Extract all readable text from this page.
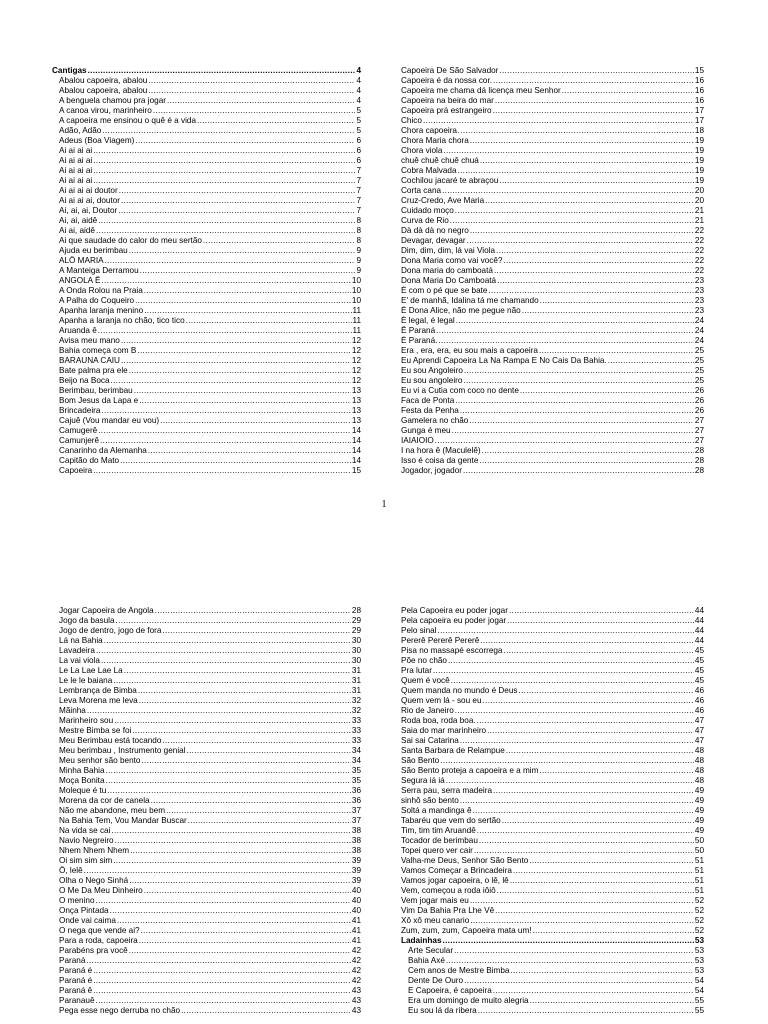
Cantigas .....	4
Abalou capoeira, abalou .....	4
Abalou capoeira, abalou .....	4
A benguela chamou pra jogar .....	4
A canoa virou, marinheiro .....	5
A capoeira me ensinou o quê é a vida .....	5
Adão, Adão .....	5
Adeus (Boa Viagem) .....	6
Ai ai ai ai .....	6
Ai ai ai ai .....	6
Ai ai ai ai .....	7
Ai ai ai ai .....	7
Ai ai ai ai doutor .....	7
Ai ai ai ai, doutor .....	7
Ai, ai, ai, Doutor .....	7
Ai, ai, aidê .....	8
Ai ai, aidê .....	8
Ai que saudade do calor do meu sertão .....	8
Ajuda eu berimbau .....	9
ALÔ MARIA .....	9
A Manteiga Derramou .....	9
ANGOLA Ê .....	10
A Onda Rolou na Praia .....	10
A Palha do Coqueiro .....	10
Apanha laranja menino .....	11
Apanha a laranja no chão, tico tico .....	11
Aruandа ê .....	11
Avisa meu mano .....	12
Bahia começa com B .....	12
BARAUNA CAIU .....	12
Bate palma pra ele .....	12
Beijo na Boca .....	12
Berimbau, berimbau .....	13
Bom Jesus da Lapa e .....	13
Brincadeira .....	13
Cajuê (Vou mandar eu vou) .....	13
Camugerê .....	14
Camunjerê .....	14
Canarinho da Alemanha .....	14
Capitão do Mato .....	14
Capoeira .....	15
Capoeira De São Salvador .....	15
Capoeira é da nossa cor. .....	16
Capoeira me chama dá licença meu Senhor .....	16
Capoeira na beira do mar .....	16
Capoeira prá estrangeiro .....	17
Chico .....	17
Chora capoeira. .....	18
Chora Maria chora .....	19
Chora viola .....	19
chuê chuê chuê chuá .....	19
Cobra Malvada .....	19
Cochilou jacaré te abraçou .....	19
Corta cana .....	20
Cruz-Credo, Ave Maria .....	20
Cuidado moço .....	21
Curva de Rio .....	21
Dà dà dà no negro .....	22
Devagar, devagar .....	22
Dim, dim, dim, lá vai Viola .....	22
Dona Maria como vai você? .....	22
Dona maria do camboatá .....	22
Dona Maria Do Camboatá .....	23
É com o pé que se bate .....	23
E' de manhã, Idalina tá me chamando .....	23
É Dona Alice, não me pegue não .....	23
É legal, é legal .....	24
Ê Paraná .....	24
É Paraná. .....	24
Era , era, era, eu sou mais a capoeira .....	25
Eu Aprendi Capoeira La Na Rampa E No Cais Da Bahia. .....	25
Eu sou Angoleiro .....	25
Eu sou angoleiro .....	25
Eu vi a Cutia com coco no dente .....	26
Faca de Ponta .....	26
Festa da Penha .....	26
Gamelera no chão .....	27
Gunga é meu .....	27
IAIAIOIO .....	27
I na hora ê (Maculelê) .....	28
Isso é coisa da gente .....	28
Jogador, jogador .....	28
1
Jogar Capoeira de Angola .....	28
Jogo da basula .....	29
Jogo de dentro, jogo de fora .....	29
Lá na Bahia .....	30
Lavadeira .....	30
La vai viola .....	30
Le La Lae Lae La .....	31
Le le le baiana .....	31
Lembrança de Bimba .....	31
Leva Morena me leva .....	32
Mãinha .....	32
Marinheiro sou .....	33
Mestre Bimba se foi .....	33
Meu Berimbau está tocando .....	33
Meu berimbau , Instrumento genial .....	34
Meu senhor são bento .....	34
Minha Bahia .....	35
Moça Bonita .....	35
Moleque é tu .....	36
Morena da cor de canela .....	36
Não me abandone, meu bem .....	37
Na Bahia Tem, Vou Mandar Buscar .....	37
Na vida se cai .....	38
Navio Negreiro .....	38
Nhem Nhem Nhem .....	38
Oi sim sim sim .....	39
Ô, lelê .....	39
Olha o Nego Sinhá .....	39
O Me Da Meu Dinheiro .....	40
O menino .....	40
Onça Pintada .....	40
Onde vai caima .....	41
O nega que vende ai? .....	41
Para a roda, capoeira .....	41
Parabéns pra você .....	42
Paraná .....	42
Paraná é .....	42
Paraná é .....	42
Paraná ê .....	43
Paranauê .....	43
Pega esse nego derruba no chão .....	43
Pela Capoeira eu poder jogar .....	44
Pela capoeira eu poder jogar .....	44
Pelo sinal .....	44
Pererê Pererê Pererê .....	44
Pisa no massapé escorrega .....	45
Põe no chão .....	45
Pra lutar .....	45
Quem é você .....	45
Quem manda no mundo é Deus .....	46
Quem vem lá - sou eu .....	46
Rio de Janeiro .....	46
Roda boa, roda boa. .....	47
Saia do mar marinheiro .....	47
Sai sai Catarina .....	47
Santa Barbara de Relampue .....	48
São Bento .....	48
São Bento proteja a capoeira e a mim .....	48
Segura iá iá .....	48
Serra pau, serra madeira .....	49
sinhô são bento .....	49
Soltá a mandinga ê .....	49
Tabaréu que vem do sertão .....	49
Tim, tim tim Aruandê .....	49
Tocador de berimbau .....	50
Topei quero ver cair .....	50
Valha-me Deus, Senhor São Bento .....	51
Vamos Começar a Brincadeira .....	51
Vamos jogar capoeira, o lê, lê .....	51
Vem, começou a roda iôiô .....	51
Vem jogar mais eu .....	52
Vim Da Bahia Pra Lhe Vê .....	52
Xô xô meu canario .....	52
Zum, zum, zum, Capoeira mata um! .....	52
Ladainhas .....	53
Arte Secular .....	53
Bahia Axé .....	53
Cem anos de Mestre Bimba .....	53
Dente De Ouro .....	54
E Capoeira, é capoeira .....	54
Era um domingo de muito alegria .....	55
Eu sou lá da ribera .....	55
